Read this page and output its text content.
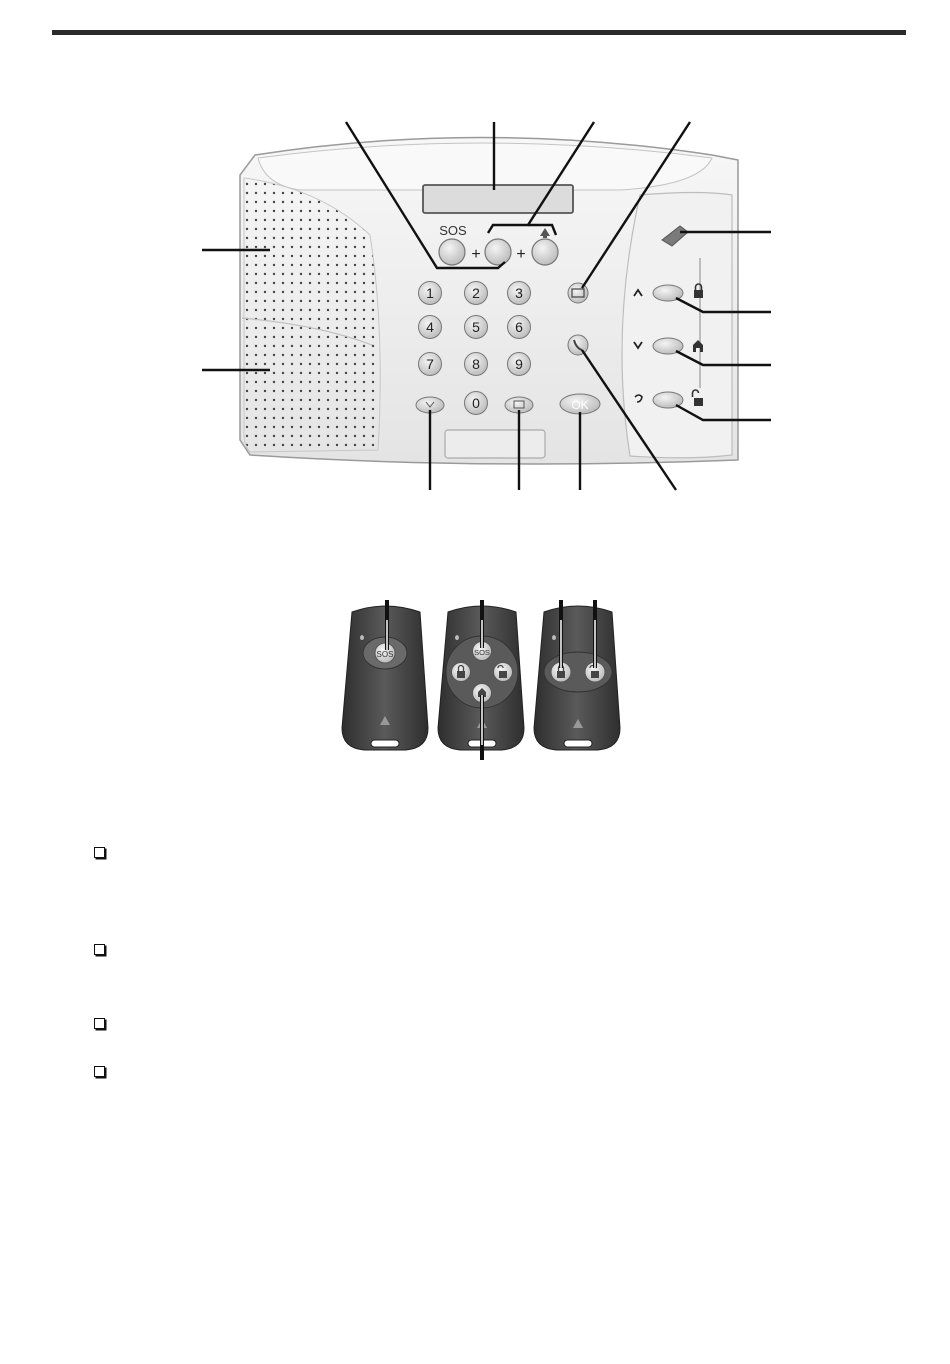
SOS
+ +
1	2	3
4	5	6
7	8	9
0	OK
SOS	SOS
